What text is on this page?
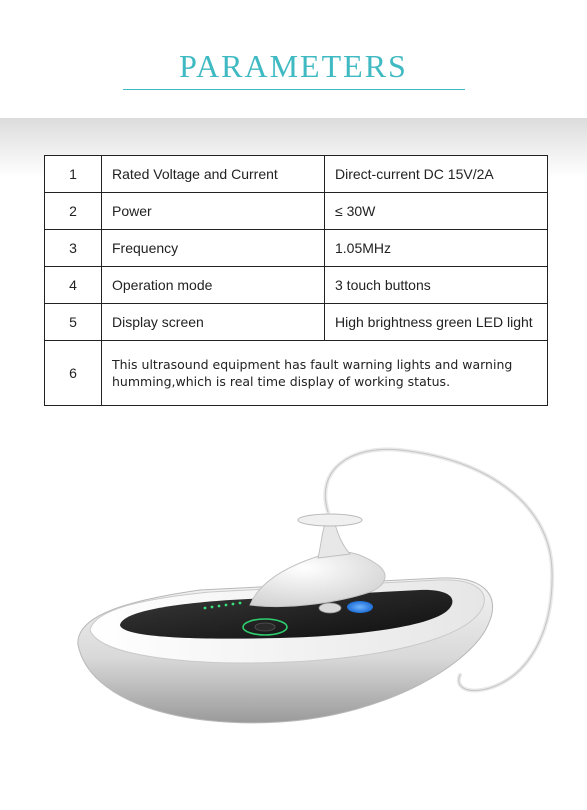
PARAMETERS
1	Rated Voltage and Current	Direct-current DC 15V/2A
2	Power	≤ 30W
3	Frequency	1.05MHz
4	Operation mode	3 touch buttons
5	Display screen	High brightness green LED light
6	This ultrasound equipment has fault warning lights and warning humming,which is real time display of working status.	
